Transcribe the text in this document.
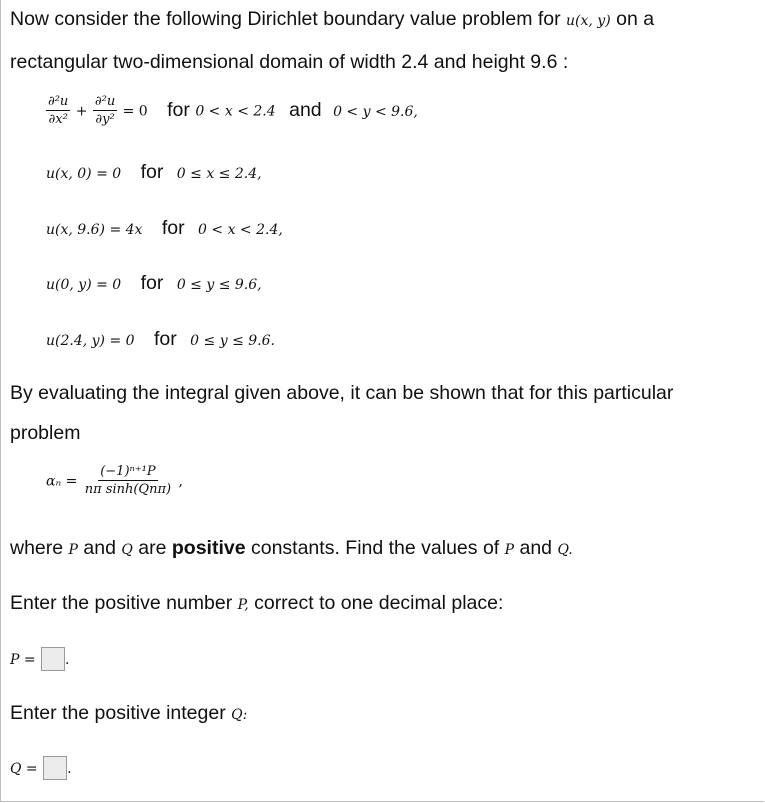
Now consider the following Dirichlet boundary value problem for u(x, y) on a
rectangular two-dimensional domain of width 2.4 and height 9.6 :
$\frac{\text{∂²u}}{\text{∂x²}} + \frac{\text{∂²u}}{\text{∂y²}} = 0$ for 0 < x < 2.4 and 0 < y < 9.6,
u(x, 0) = 0 for 0 ≤ x ≤ 2.4,
u(x, 9.6) = 4x for 0 < x < 2.4,
u(0, y) = 0 for 0 ≤ y ≤ 9.6,
u(2.4, y) = 0 for 0 ≤ y ≤ 9.6.
By evaluating the integral given above, it can be shown that for this particular
problem
$\alpha_n = \frac{\text{(−1)ⁿ⁺¹P}}{\text{nπ sinh(Qnπ)}}$ ,
where P and Q are positive constants. Find the values of P and Q.
Enter the positive number P, correct to one decimal place:
P = .
Enter the positive integer Q:
Q = .
